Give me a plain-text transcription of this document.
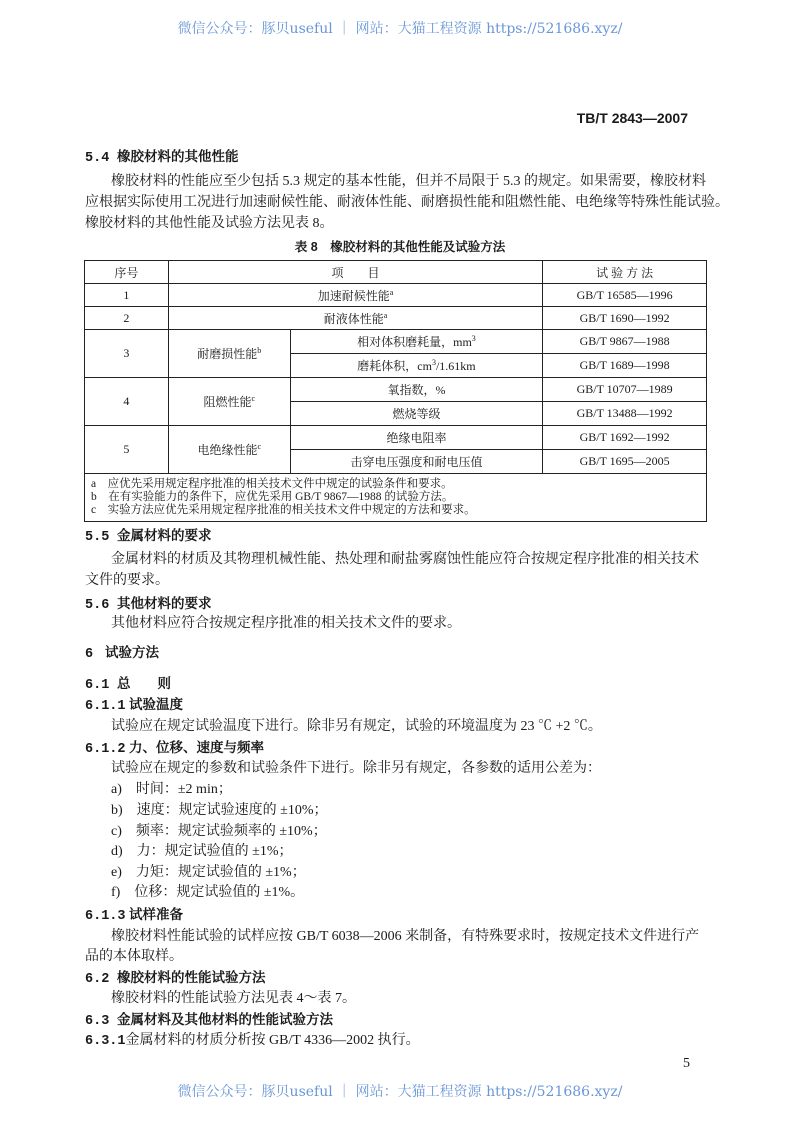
微信公众号：豚贝useful ｜ 网站：大猫工程资源 https://521686.xyz/
TB/T 2843—2007
5.4 橡胶材料的其他性能
橡胶材料的性能应至少包括 5.3 规定的基本性能，但并不局限于 5.3 的规定。如果需要，橡胶材料
应根据实际使用工况进行加速耐候性能、耐液体性能、耐磨损性能和阻燃性能、电绝缘等特殊性能试验。
橡胶材料的其他性能及试验方法见表 8。
表 8　橡胶材料的其他性能及试验方法
序号	项　　目		试 验 方 法
1	加速耐候性能$^a$		GB/T 16585—1996
2	耐液体性能$^a$		GB/T 1690—1992
3	耐磨损性能$^b$	相对体积磨耗量，$mm^3$	GB/T 9867—1988
		磨耗体积，$cm^3/1.61km$	GB/T 1689—1998
4	阻燃性能$^c$	氧指数，%	GB/T 10707—1989
		燃烧等级	GB/T 13488—1992
5	电绝缘性能$^c$	绝缘电阻率	GB/T 1692—1992
		击穿电压强度和耐电压值	GB/T 1695—2005

a　应优先采用规定程序批准的相关技术文件中规定的试验条件和要求。
b　在有实验能力的条件下，应优先采用 GB/T 9867—1988 的试验方法。
c　实验方法应优先采用规定程序批准的相关技术文件中规定的方法和要求。			
5.5 金属材料的要求
金属材料的材质及其物理机械性能、热处理和耐盐雾腐蚀性能应符合按规定程序批准的相关技术
文件的要求。
5.6 其他材料的要求
其他材料应符合按规定程序批准的相关技术文件的要求。
6 试验方法
6.1 总　　则
6.1.1 试验温度
试验应在规定试验温度下进行。除非另有规定，试验的环境温度为 23 ℃ +2 ℃。
6.1.2 力、位移、速度与频率
试验应在规定的参数和试验条件下进行。除非另有规定，各参数的适用公差为：
a)　时间：±2 min；
b)　速度：规定试验速度的 ±10%；
c)　频率：规定试验频率的 ±10%；
d)　力：规定试验值的 ±1%；
e)　力矩：规定试验值的 ±1%；
f)　位移：规定试验值的 ±1%。
6.1.3 试样准备
橡胶材料性能试验的试样应按 GB/T 6038—2006 来制备，有特殊要求时，按规定技术文件进行产
品的本体取样。
6.2 橡胶材料的性能试验方法
橡胶材料的性能试验方法见表 4～表 7。
6.3 金属材料及其他材料的性能试验方法
6.3.1金属材料的材质分析按 GB/T 4336—2002 执行。
5
微信公众号：豚贝useful ｜ 网站：大猫工程资源 https://521686.xyz/
